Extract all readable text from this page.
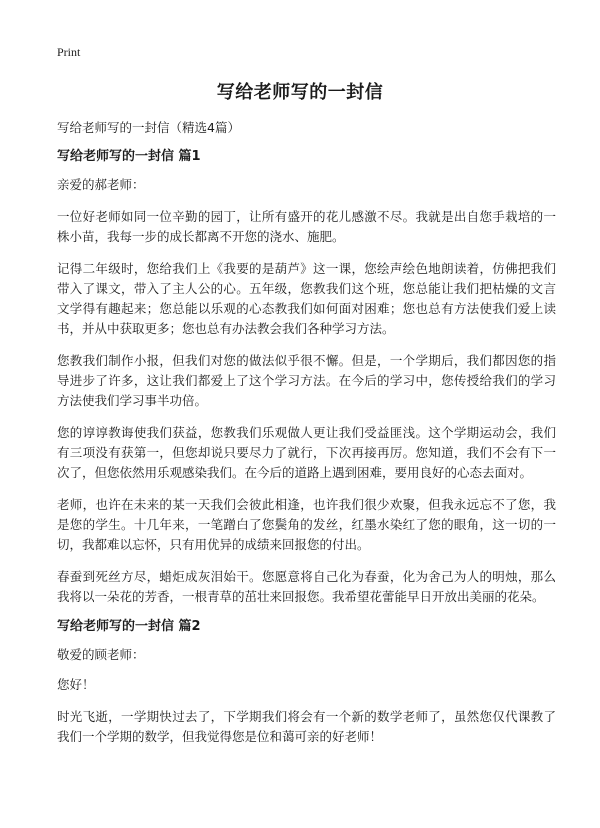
Print
写给老师写的一封信
写给老师写的一封信（精选4篇）
写给老师写的一封信 篇1

亲爱的郝老师：

一位好老师如同一位辛勤的园丁，让所有盛开的花儿感激不尽。我就是出自您手栽培的一株小苗，我每一步的成长都离不开您的浇水、施肥。

记得二年级时，您给我们上《我要的是葫芦》这一课，您绘声绘色地朗读着，仿佛把我们带入了课文，带入了主人公的心。五年级，您教我们这个班，您总能让我们把枯燥的文言文学得有趣起来；您总能以乐观的心态教我们如何面对困难；您也总有方法使我们爱上读书，并从中获取更多；您也总有办法教会我们各种学习方法。

您教我们制作小报，但我们对您的做法似乎很不懈。但是，一个学期后，我们都因您的指导进步了许多，这让我们都爱上了这个学习方法。在今后的学习中，您传授给我们的学习方法使我们学习事半功倍。

您的谆谆教诲使我们获益，您教我们乐观做人更让我们受益匪浅。这个学期运动会，我们有三项没有获第一，但您却说只要尽力了就行，下次再接再厉。您知道，我们不会有下一次了，但您依然用乐观感染我们。在今后的道路上遇到困难，要用良好的心态去面对。

老师，也许在未来的某一天我们会彼此相逢，也许我们很少欢聚，但我永远忘不了您，我是您的学生。十几年来，一笔蹭白了您鬓角的发丝，红墨水染红了您的眼角，这一切的一切，我都难以忘怀，只有用优异的成绩来回报您的付出。

春蚕到死丝方尽，蜡炬成灰泪始干。您愿意将自己化为春蚕，化为舍己为人的明烛，那么我将以一朵花的芳香，一根青草的茁壮来回报您。我希望花蕾能早日开放出美丽的花朵。

写给老师写的一封信 篇2

敬爱的顾老师：

您好！

时光飞逝，一学期快过去了，下学期我们将会有一个新的数学老师了，虽然您仅代课教了我们一个学期的数学，但我觉得您是位和蔼可亲的好老师！
